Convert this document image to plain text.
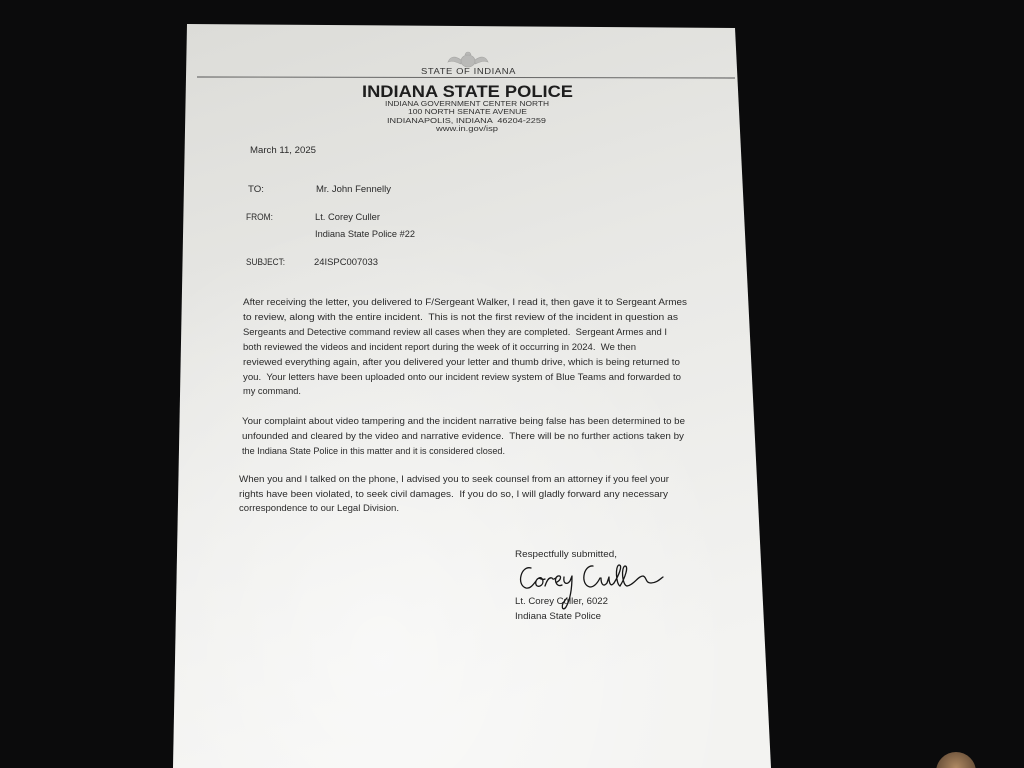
STATE OF INDIANA
INDIANA STATE POLICE
INDIANA GOVERNMENT CENTER NORTH
100 NORTH SENATE AVENUE
INDIANAPOLIS, INDIANA  46204-2259
www.in.gov/isp
March 11, 2025
TO:	Mr. John Fennelly
FROM:	Lt. Corey Culler
Indiana State Police #22
SUBJECT:	24ISPC007033
After receiving the letter, you delivered to F/Sergeant Walker, I read it, then gave it to Sergeant Armes
to review, along with the entire incident.  This is not the first review of the incident in question as
Sergeants and Detective command review all cases when they are completed.  Sergeant Armes and I
both reviewed the videos and incident report during the week of it occurring in 2024.  We then
reviewed everything again, after you delivered your letter and thumb drive, which is being returned to
you.  Your letters have been uploaded onto our incident review system of Blue Teams and forwarded to
my command.
Your complaint about video tampering and the incident narrative being false has been determined to be
unfounded and cleared by the video and narrative evidence.  There will be no further actions taken by
the Indiana State Police in this matter and it is considered closed.
When you and I talked on the phone, I advised you to seek counsel from an attorney if you feel your
rights have been violated, to seek civil damages.  If you do so, I will gladly forward any necessary
correspondence to our Legal Division.
Respectfully submitted,
Lt. Corey Culler, 6022
Indiana State Police
